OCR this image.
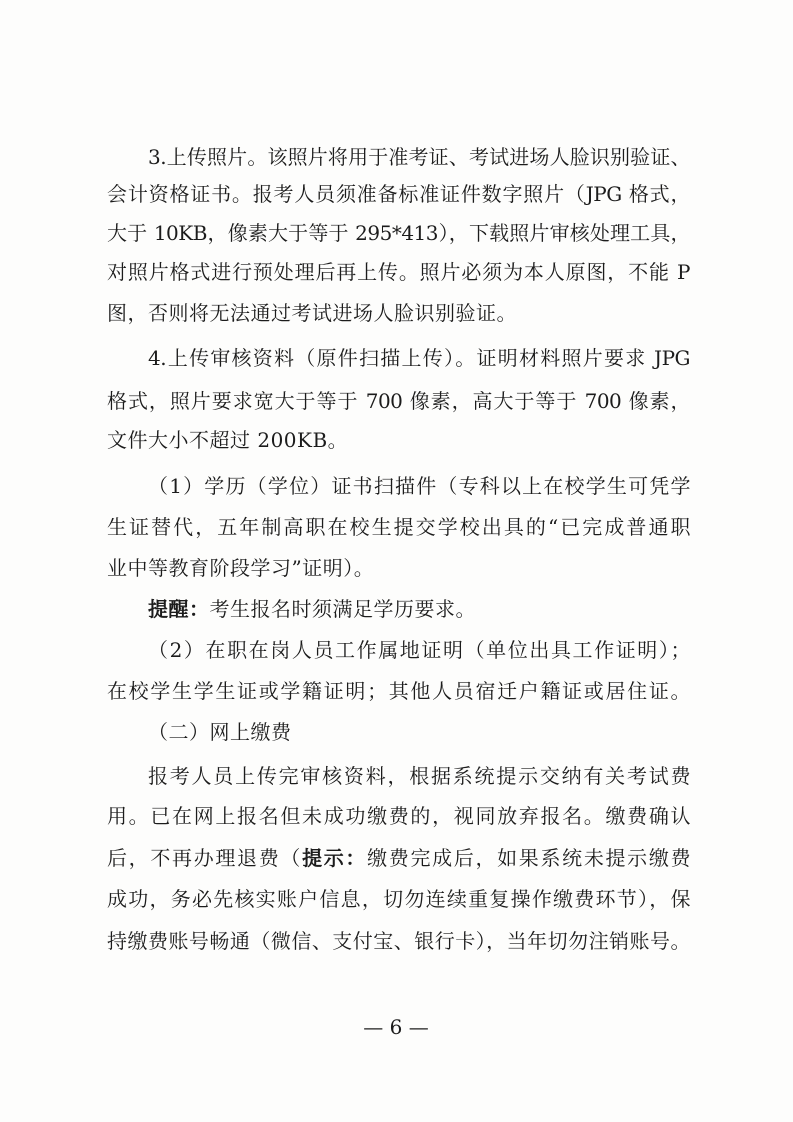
3.上传照片。该照片将用于准考证、考试进场人脸识别验证、
会计资格证书。报考人员须准备标准证件数字照片（JPG 格式，
大于 10KB，像素大于等于 295*413），下载照片审核处理工具，
对照片格式进行预处理后再上传。照片必须为本人原图，不能 P
图，否则将无法通过考试进场人脸识别验证。
4.上传审核资料（原件扫描上传）。证明材料照片要求 JPG
格式，照片要求宽大于等于 700 像素，高大于等于 700 像素，
文件大小不超过 200KB。
（1）学历（学位）证书扫描件（专科以上在校学生可凭学
生证替代，五年制高职在校生提交学校出具的“已完成普通职
业中等教育阶段学习”证明）。
提醒：考生报名时须满足学历要求。
（2）在职在岗人员工作属地证明（单位出具工作证明）；
在校学生学生证或学籍证明；其他人员宿迁户籍证或居住证。
（二）网上缴费
报考人员上传完审核资料，根据系统提示交纳有关考试费
用。已在网上报名但未成功缴费的，视同放弃报名。缴费确认
后，不再办理退费（提示：缴费完成后，如果系统未提示缴费
成功，务必先核实账户信息，切勿连续重复操作缴费环节），保
持缴费账号畅通（微信、支付宝、银行卡），当年切勿注销账号。
— 6 —
